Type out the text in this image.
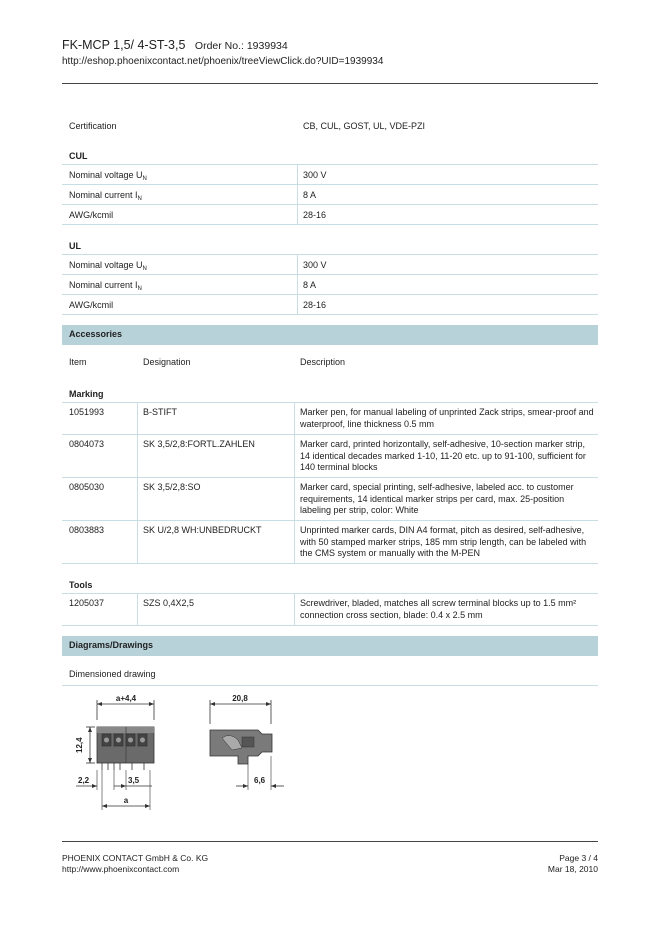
FK-MCP 1,5/ 4-ST-3,5 Order No.: 1939934
http://eshop.phoenixcontact.net/phoenix/treeViewClick.do?UID=1939934
Certification	CB, CUL, GOST, UL, VDE-PZI
CUL
Nominal voltage $U_N$	300 V
Nominal current $I_N$	8 A
AWG/kcmil	28-16
UL
Nominal voltage $U_N$	300 V
Nominal current $I_N$	8 A
AWG/kcmil	28-16
Accessories
Item	Designation	Description
Marking
1051993	B-STIFT	Marker pen, for manual labeling of unprinted Zack strips, smear-proof and waterproof, line thickness 0.5 mm
0804073	SK 3,5/2,8:FORTL.ZAHLEN	Marker card, printed horizontally, self-adhesive, 10-section marker strip, 14 identical decades marked 1-10, 11-20 etc. up to 91-100, sufficient for 140 terminal blocks
0805030	SK 3,5/2,8:SO	Marker card, special printing, self-adhesive, labeled acc. to customer requirements, 14 identical marker strips per card, max. 25-position labeling per strip, color: White
0803883	SK U/2,8 WH:UNBEDRUCKT	Unprinted marker cards, DIN A4 format, pitch as desired, self-adhesive, with 50 stamped marker strips, 185 mm strip length, can be labeled with the CMS system or manually with the M-PEN
Tools
1205037	SZS 0,4X2,5	Screwdriver, bladed, matches all screw terminal blocks up to 1.5 mm² connection cross section, blade: 0.4 x 2.5 mm
Diagrams/Drawings
Dimensioned drawing
a+4,4
12,4
2,2	3,5
a
20,8
6,6
PHOENIX CONTACT GmbH & Co. KG
http://www.phoenixcontact.com
Page 3 / 4
Mar 18, 2010
